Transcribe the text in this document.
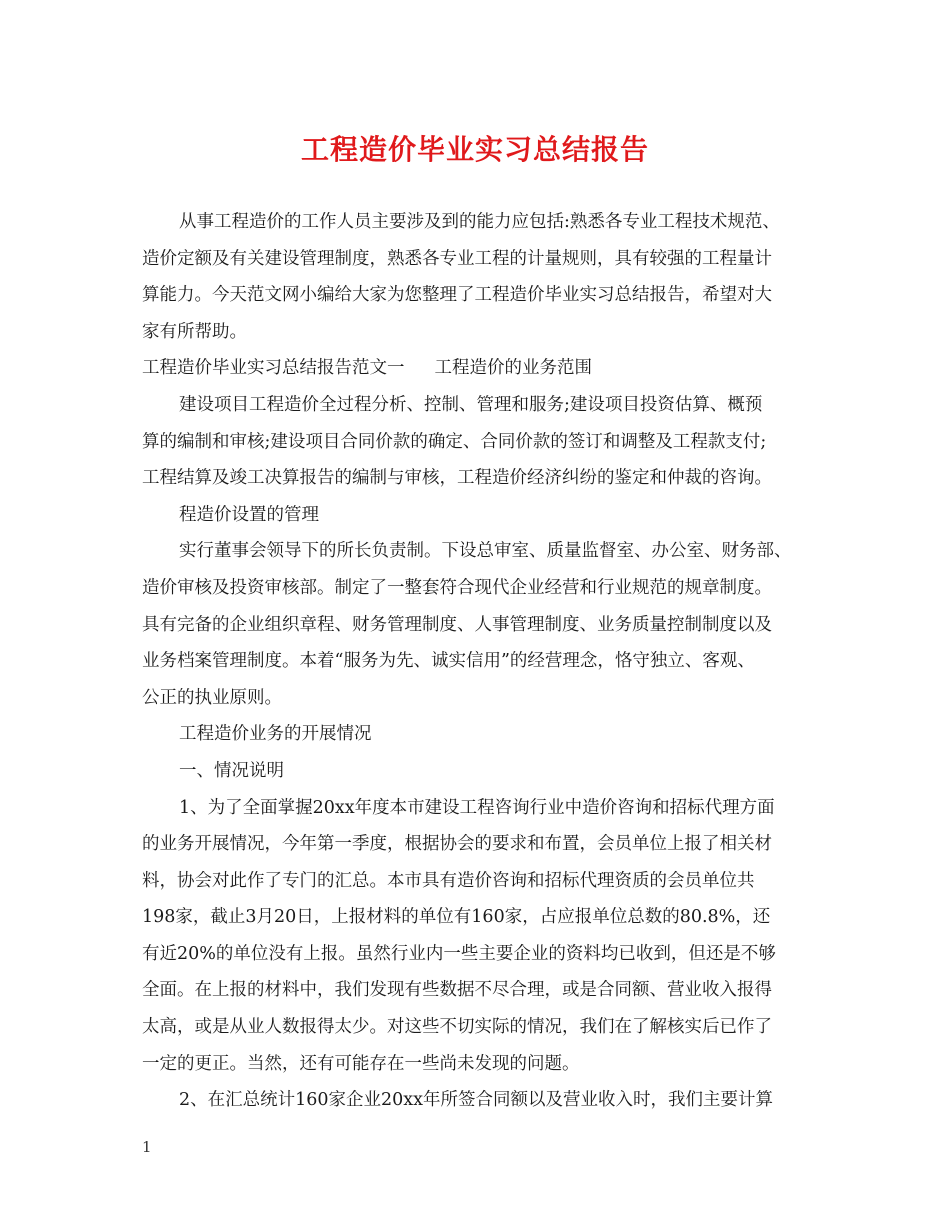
工程造价毕业实习总结报告
从事工程造价的工作人员主要涉及到的能力应包括:熟悉各专业工程技术规范、
造价定额及有关建设管理制度，熟悉各专业工程的计量规则，具有较强的工程量计
算能力。今天范文网小编给大家为您整理了工程造价毕业实习总结报告，希望对大
家有所帮助。
工程造价毕业实习总结报告范文一 工程造价的业务范围
建设项目工程造价全过程分析、控制、管理和服务;建设项目投资估算、概预
算的编制和审核;建设项目合同价款的确定、合同价款的签订和调整及工程款支付;
工程结算及竣工决算报告的编制与审核，工程造价经济纠纷的鉴定和仲裁的咨询。
程造价设置的管理
实行董事会领导下的所长负责制。下设总审室、质量监督室、办公室、财务部、
造价审核及投资审核部。制定了一整套符合现代企业经营和行业规范的规章制度。
具有完备的企业组织章程、财务管理制度、人事管理制度、业务质量控制制度以及
业务档案管理制度。本着“服务为先、诚实信用”的经营理念，恪守独立、客观、
公正的执业原则。
工程造价业务的开展情况
一、情况说明
1、为了全面掌握20xx年度本市建设工程咨询行业中造价咨询和招标代理方面
的业务开展情况，今年第一季度，根据协会的要求和布置，会员单位上报了相关材
料，协会对此作了专门的汇总。本市具有造价咨询和招标代理资质的会员单位共
198家，截止3月20日，上报材料的单位有160家，占应报单位总数的80.8%，还
有近20%的单位没有上报。虽然行业内一些主要企业的资料均已收到，但还是不够
全面。在上报的材料中，我们发现有些数据不尽合理，或是合同额、营业收入报得
太高，或是从业人数报得太少。对这些不切实际的情况，我们在了解核实后已作了
一定的更正。当然，还有可能存在一些尚未发现的问题。
2、在汇总统计160家企业20xx年所签合同额以及营业收入时，我们主要计算
1
